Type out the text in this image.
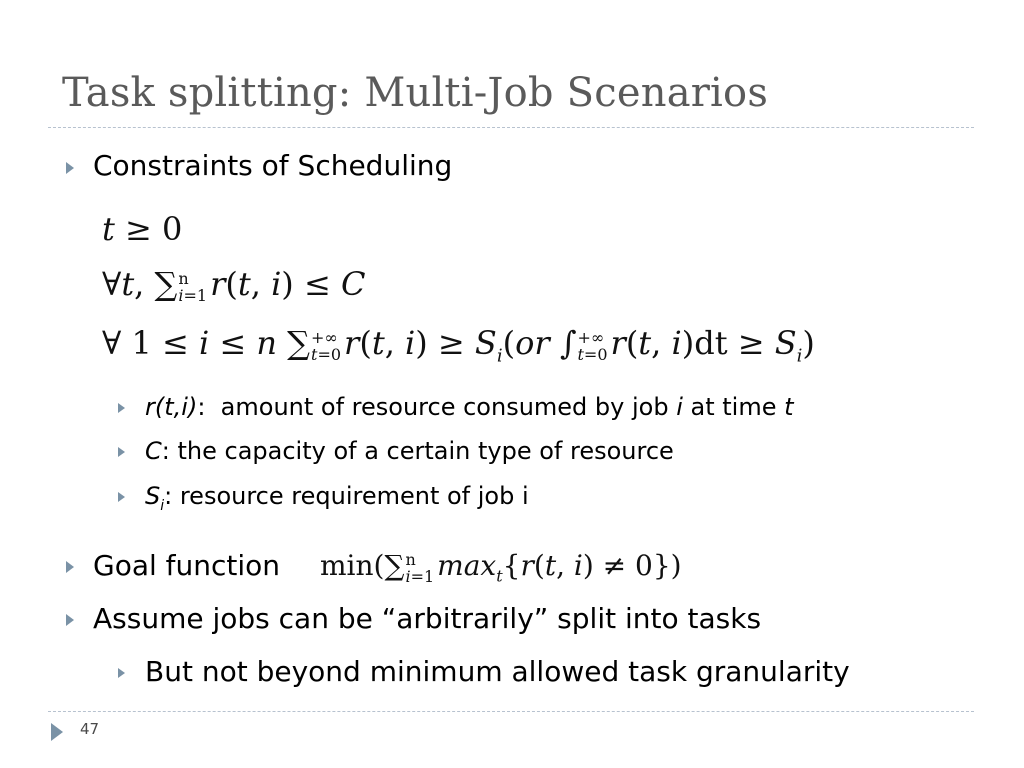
Task splitting: Multi-Job Scenarios
Constraints of Scheduling
t ≥ 0
∀t, ∑ n
i=1 r(t, i) ≤ C
∀ 1 ≤ i ≤ n ∑ +∞
t=0 r(t, $i) \ge S_i(or$ ∫ +∞
t=0 r(t, $i)dt \ge S_i$)
r(t,i): amount of resource consumed by job i at time t
C: the capacity of a certain type of resource
$S_i$: resource requirement of job i
Goal function min(∑ n
i=1 $\max_t\{r(t$, i) ≠ 0})
Assume jobs can be “arbitrarily” split into tasks
But not beyond minimum allowed task granularity
47
